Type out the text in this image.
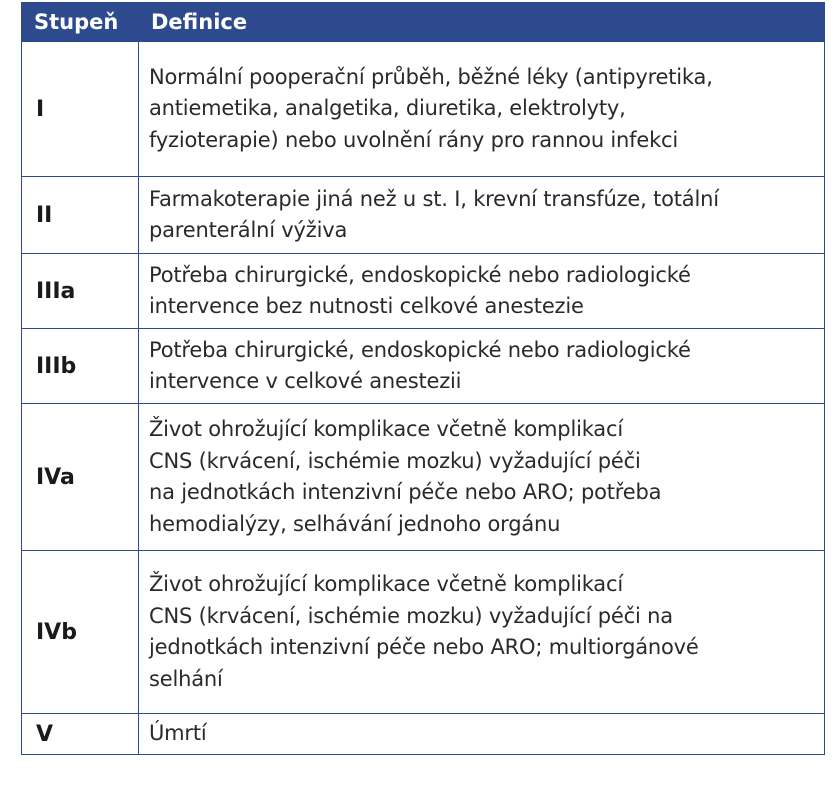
Stupeň	Definice
I	Normální pooperační průběh, běžné léky (antipyretika,
antiemetika, analgetika, diuretika, elektrolyty,
fyzioterapie) nebo uvolnění rány pro rannou infekci

II	Farmakoterapie jiná než u st. I, krevní transfúze, totální
parenterální výživa

IIIa	Potřeba chirurgické, endoskopické nebo radiologické
intervence bez nutnosti celkové anestezie

IIIb	Potřeba chirurgické, endoskopické nebo radiologické
intervence v celkové anestezii

IVa	Život ohrožující komplikace včetně komplikací
CNS (krvácení, ischémie mozku) vyžadující péči
na jednotkách intenzivní péče nebo ARO; potřeba
hemodialýzy, selhávání jednoho orgánu

IVb	Život ohrožující komplikace včetně komplikací
CNS (krvácení, ischémie mozku) vyžadující péči na
jednotkách intenzivní péče nebo ARO; multiorgánové
selhání

V	Úmrtí
